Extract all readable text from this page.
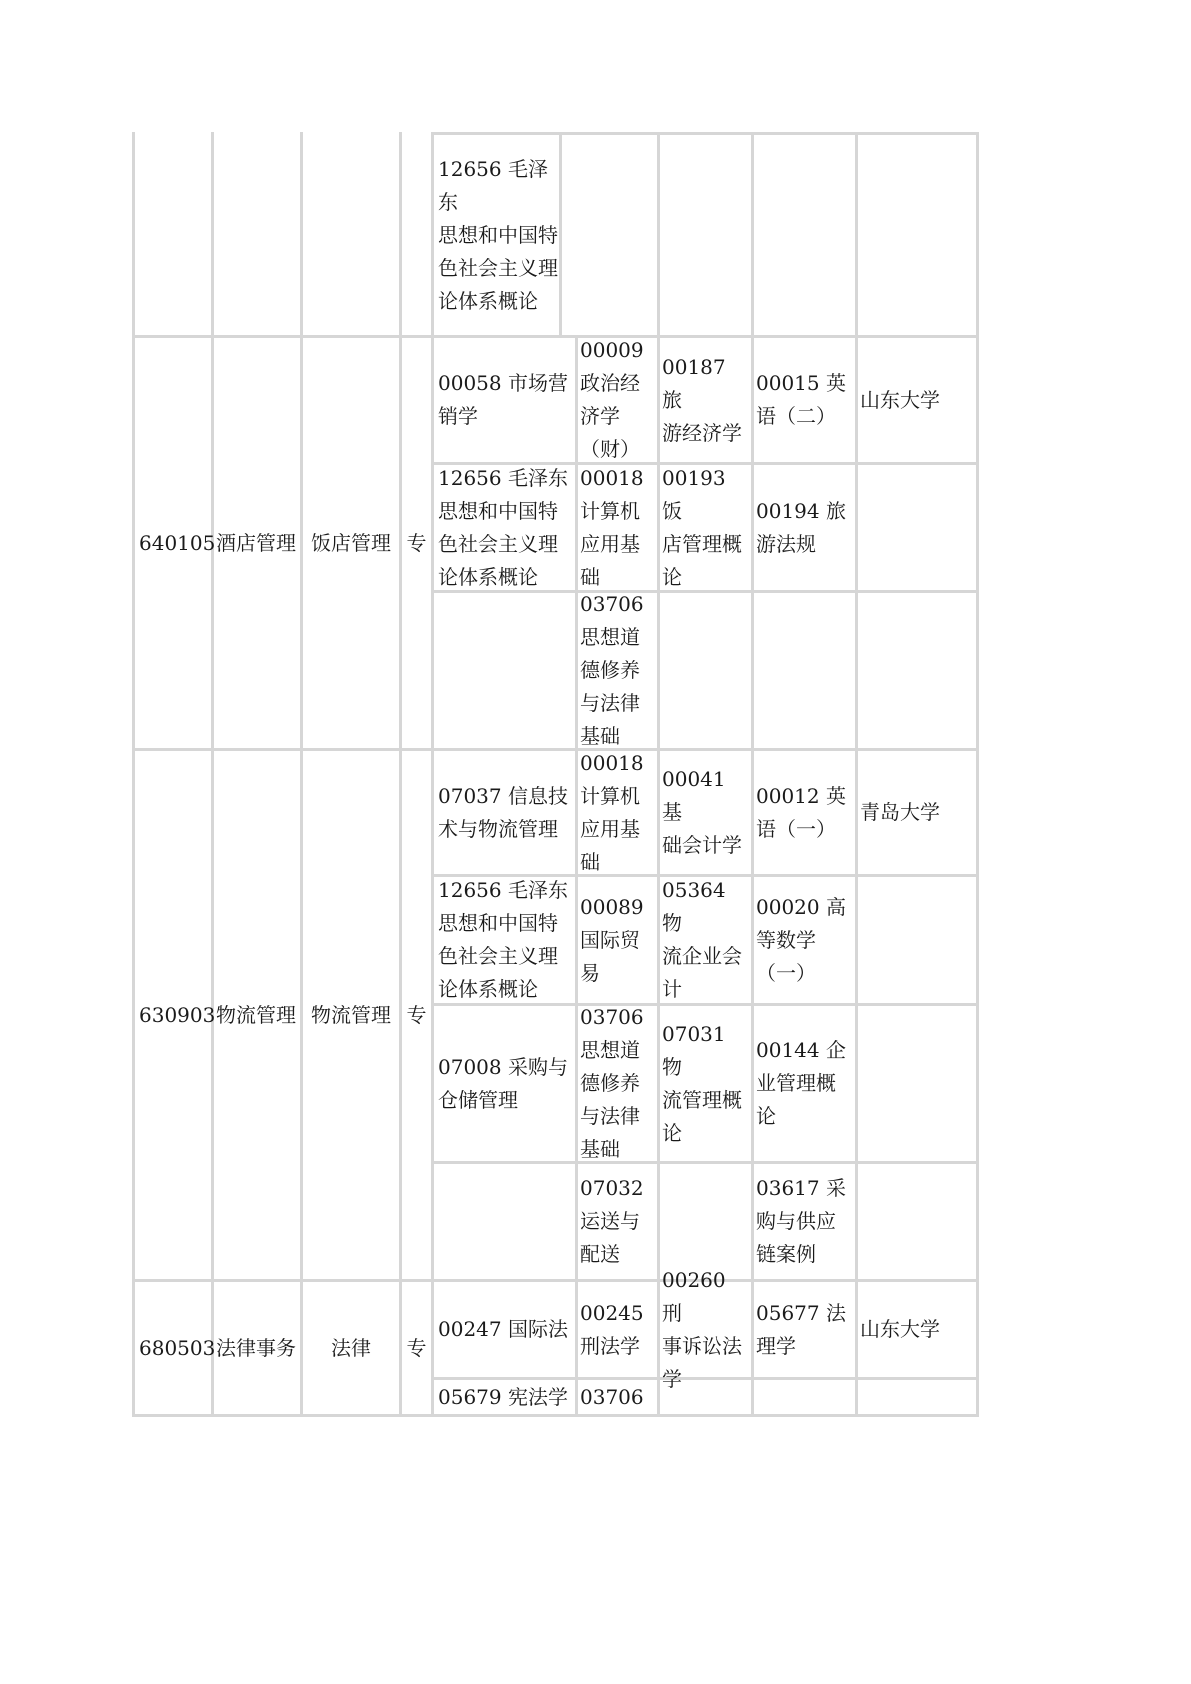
12656 毛泽东
思想和中国特
色社会主义理
论体系概论
640105 酒店管理 饭店管理 专
山东大学
00058 市场营
销学
00009
政治经
济学
（财）
00187 旅
游经济学
00015 英
语（二）
12656 毛泽东
思想和中国特
色社会主义理
论体系概论
00018
计算机
应用基
础
00193 饭
店管理概
论
00194 旅
游法规
03706
思想道
德修养
与法律
基础
630903 物流管理 物流管理 专
青岛大学
07037 信息技
术与物流管理
00018
计算机
应用基
础
00041 基
础会计学
00012 英
语（一）
12656 毛泽东
思想和中国特
色社会主义理
论体系概论
00089
国际贸
易
05364 物
流企业会
计
00020 高
等数学
（一）
07008 采购与
仓储管理
03706
思想道
德修养
与法律
基础
07031 物
流管理概
论
00144 企
业管理概
论
07032
运送与
配送
03617 采
购与供应
链案例
680503 法律事务 法律 专
山东大学
00247 国际法
00245
刑法学
00260 刑
事诉讼法
学
05677 法
理学
05679 宪法学 03706
